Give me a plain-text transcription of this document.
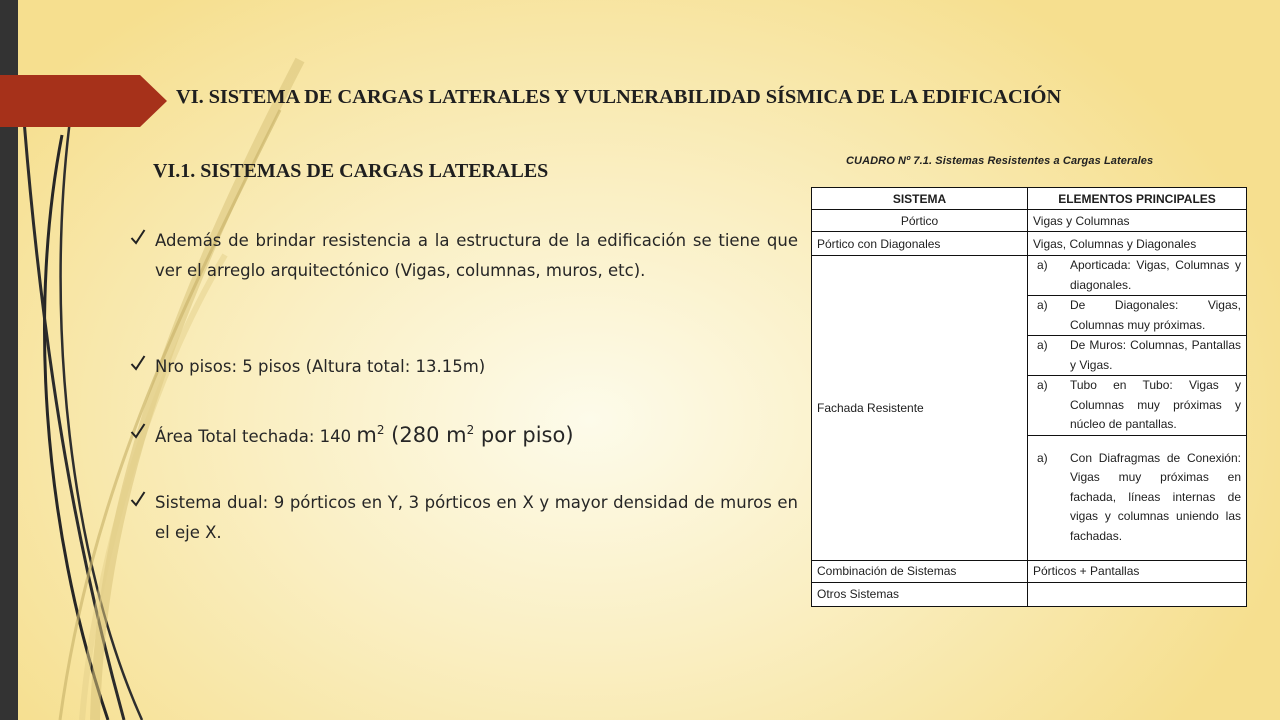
VI. SISTEMA DE CARGAS LATERALES Y VULNERABILIDAD SÍSMICA DE LA EDIFICACIÓN
VI.1. SISTEMAS DE CARGAS LATERALES
Además de brindar resistencia a la estructura de la edificación se tiene que ver el arreglo arquitectónico (Vigas, columnas, muros, etc).
Nro pisos: 5 pisos (Altura total: 13.15m)
Área Total techada: 140 $m^2$ (280 $m^2$ por piso)
Sistema dual: 9 pórticos en Y, 3 pórticos en X y mayor densidad de muros en el eje X.

CUADRO Nº 7.1. Sistemas Resistentes a Cargas Laterales

SISTEMA	ELEMENTOS PRINCIPALES
Pórtico	Vigas y Columnas
Pórtico con Diagonales	Vigas, Columnas y Diagonales
Fachada Resistente	a) Aporticada: Vigas, Columnas y diagonales.

	a) De Diagonales: Vigas, Columnas muy próximas.

	a) De Muros: Columnas, Pantallas y Vigas.

	a) Tubo en Tubo: Vigas y Columnas muy próximas y núcleo de pantallas.

	a) Con Diafragmas de Conexión: Vigas muy próximas en fachada, líneas internas de vigas y columnas uniendo las fachadas.

Combinación de Sistemas	Pórticos + Pantallas
Otros Sistemas	
